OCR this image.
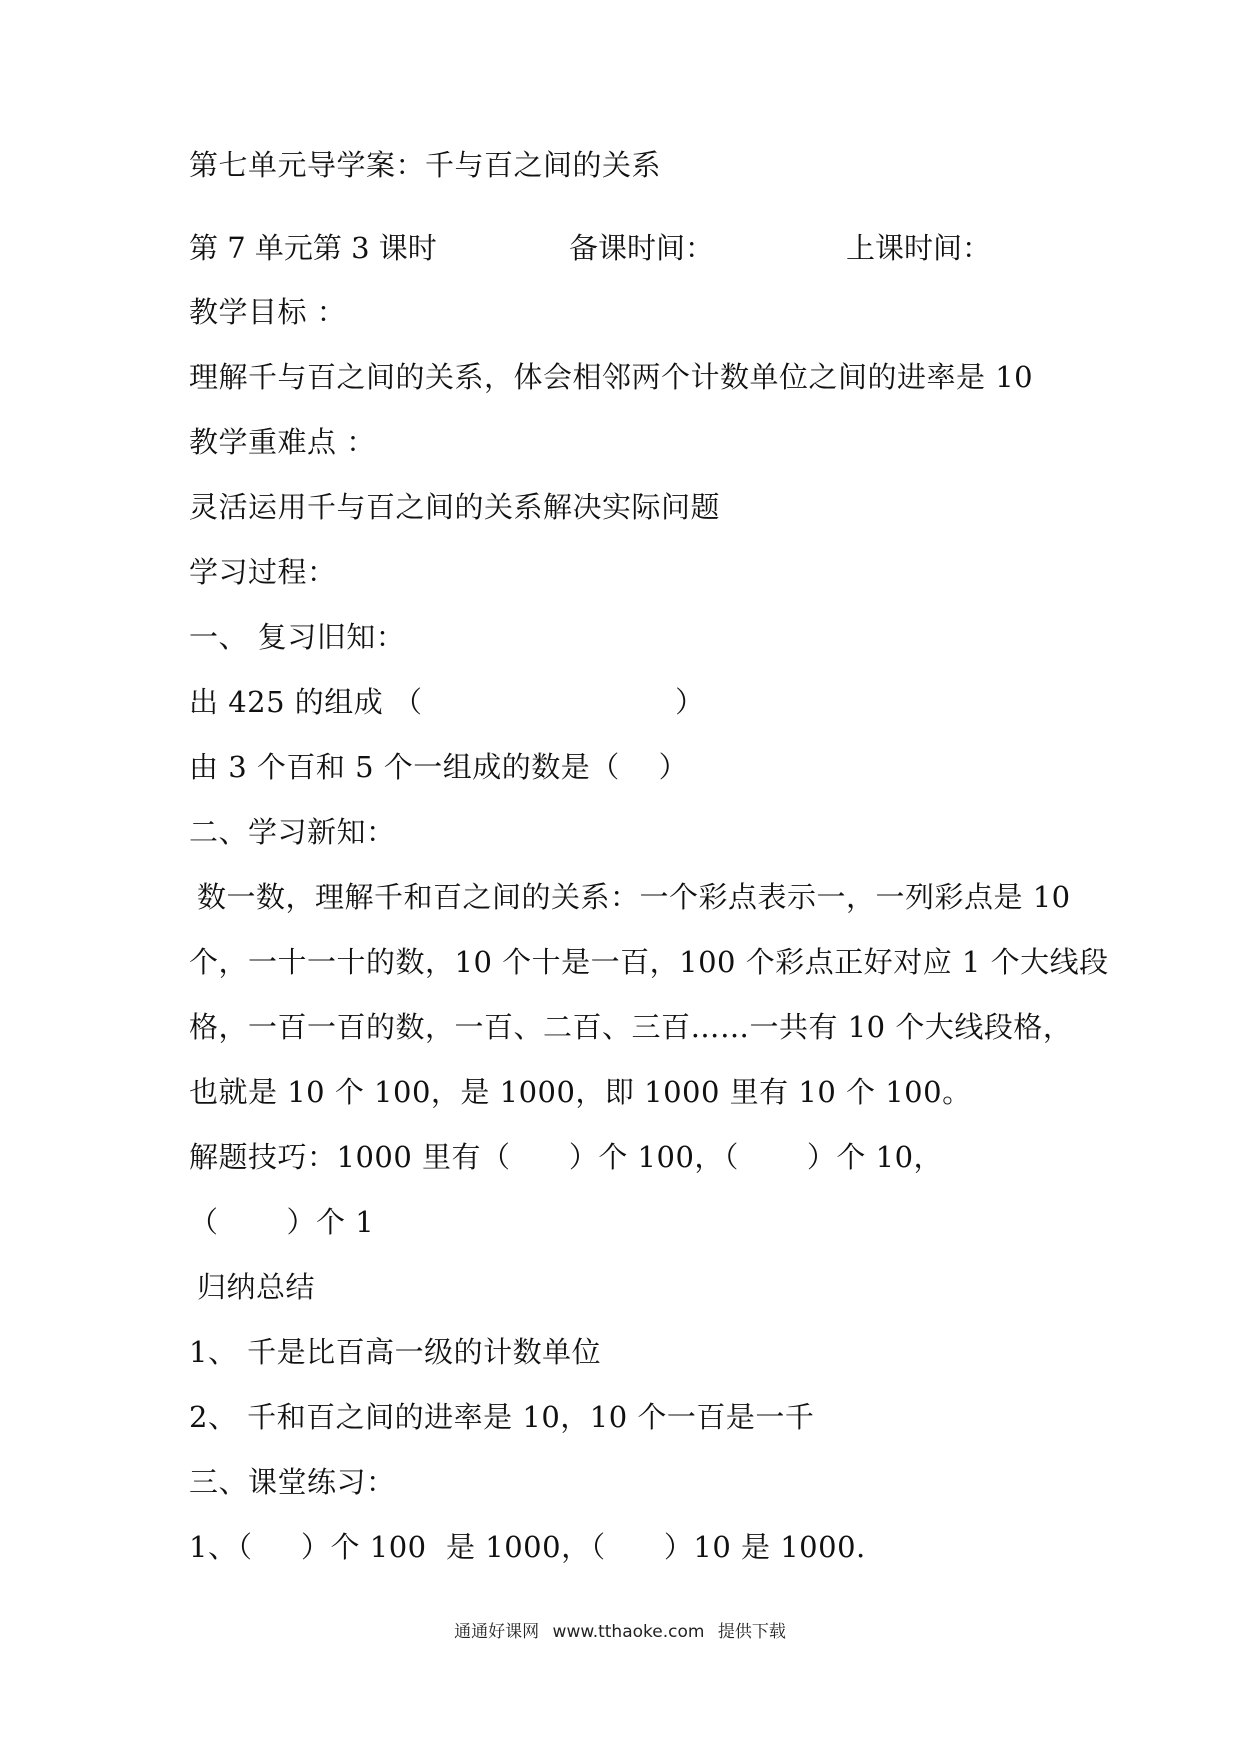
第七单元导学案：千与百之间的关系
第 7 单元第 3 课时	备课时间：	上课时间：
教学目标 ：
理解千与百之间的关系，体会相邻两个计数单位之间的进率是 10
教学重难点 ：
灵活运用千与百之间的关系解决实际问题
学习过程：
一、 复习旧知：
出 425 的组成 （                          ）
由 3 个百和 5 个一组成的数是（    ）
二、学习新知：
数一数，理解千和百之间的关系：一个彩点表示一，一列彩点是 10
个，一十一十的数，10 个十是一百，100 个彩点正好对应 1 个大线段
格，一百一百的数，一百、二百、三百……一共有 10 个大线段格，
也就是 10 个 100，是 1000，即 1000 里有 10 个 100。
解题技巧：1000 里有（      ）个 100，（       ）个 10，
（       ）个 1
归纳总结
1、 千是比百高一级的计数单位
2、 千和百之间的进率是 10，10 个一百是一千
三、课堂练习：
1、（     ）个 100  是 1000，（      ）10 是 1000.
通通好课网 www.tthaoke.com 提供下载
